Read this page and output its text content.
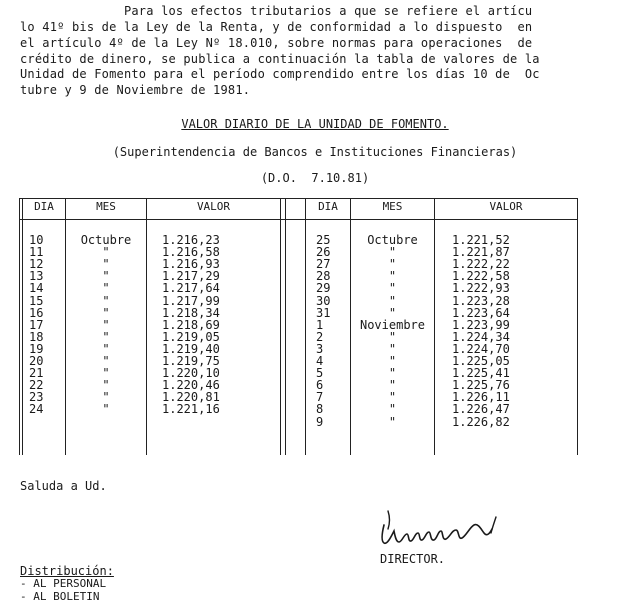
Para los efectos tributarios a que se refiere el artícu
lo 41º bis de la Ley de la Renta, y de conformidad a lo dispuesto  en
el artículo 4º de la Ley Nº 18.010, sobre normas para operaciones  de
crédito de dinero, se publica a continuación la tabla de valores de la
Unidad de Fomento para el período comprendido entre los días 10 de  Oc
tubre y 9 de Noviembre de 1981.
VALOR DIARIO DE LA UNIDAD DE FOMENTO.
(Superintendencia de Bancos e Instituciones Financieras)
(D.O.  7.10.81)
DIA	MES	VALOR	DIA	MES	VALOR
10	Octubre	1.216,23
11	"	1.216,58
12	"	1.216,93
13	"	1.217,29
14	"	1.217,64
15	"	1.217,99
16	"	1.218,34
17	"	1.218,69
18	"	1.219,05
19	"	1.219,40
20	"	1.219,75
21	"	1.220,10
22	"	1.220,46
23	"	1.220,81
24	"	1.221,16
25	Octubre	1.221,52
26	"	1.221,87
27	"	1.222,22
28	"	1.222,58
29	"	1.222,93
30	"	1.223,28
31	"	1.223,64
1	Noviembre	1.223,99
2	"	1.224,34
3	"	1.224,70
4	"	1.225,05
5	"	1.225,41
6	"	1.225,76
7	"	1.226,11
8	"	1.226,47
9	"	1.226,82
Saluda a Ud.
DIRECTOR.
Distribución:
- AL PERSONAL
- AL BOLETIN
